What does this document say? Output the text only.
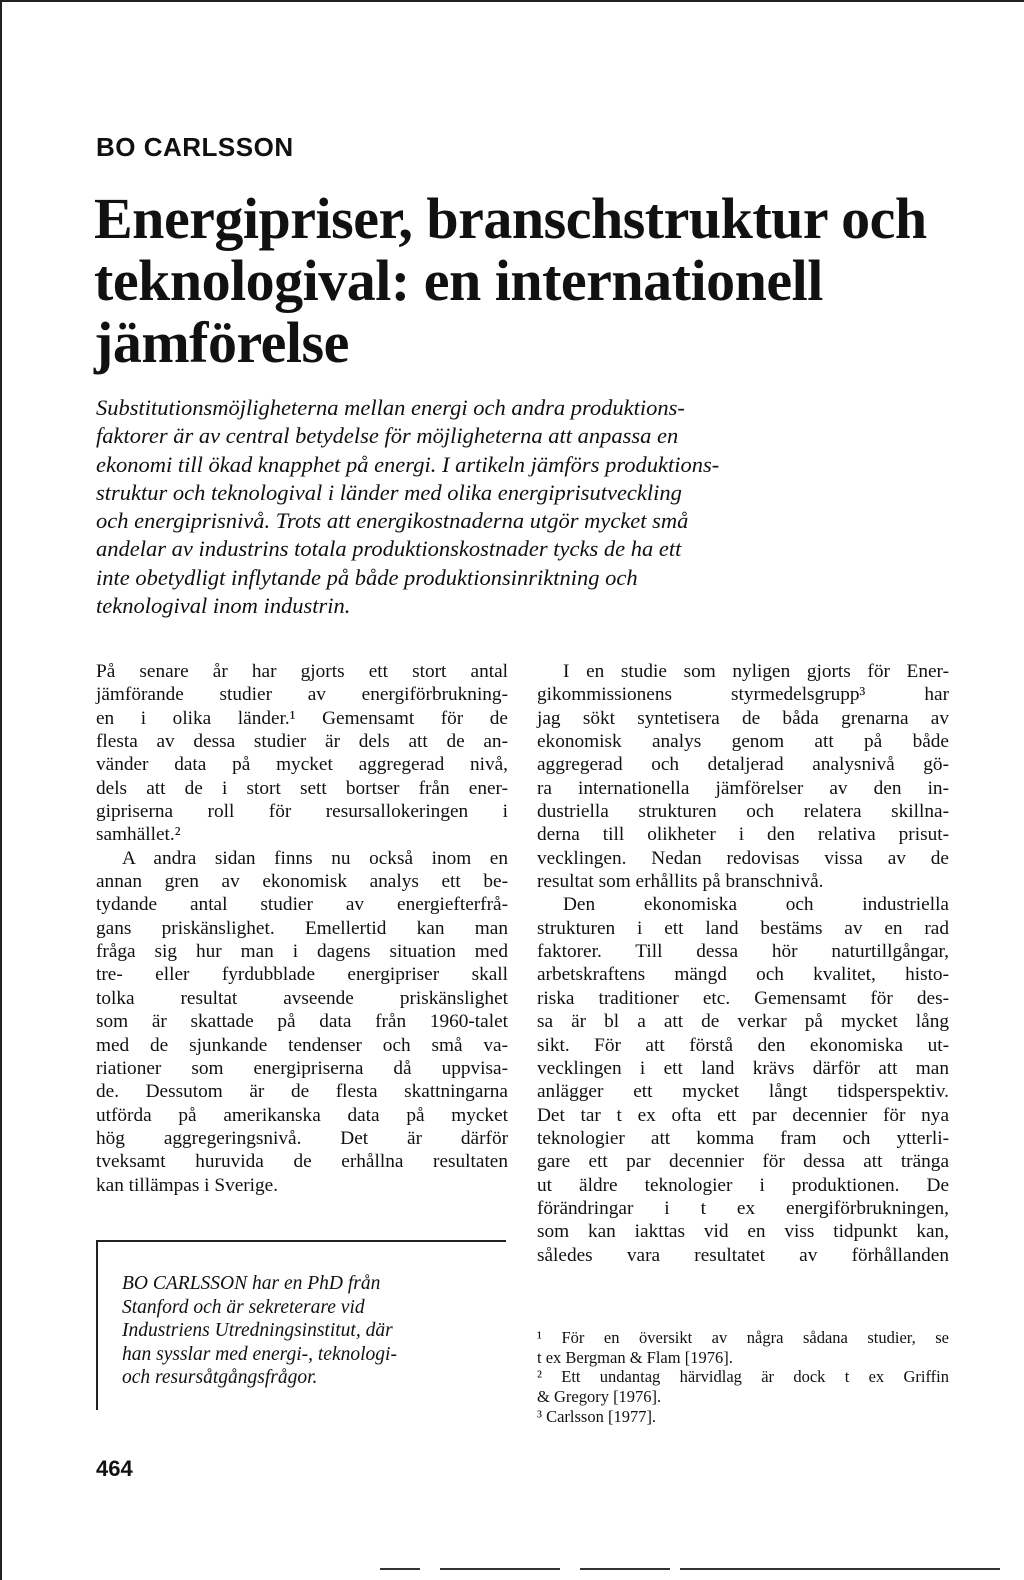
BO CARLSSON
Energipriser, branschstruktur och
teknologival: en internationell
jämförelse
Substitutionsmöjligheterna mellan energi och andra produktions-
faktorer är av central betydelse för möjligheterna att anpassa en
ekonomi till ökad knapphet på energi. I artikeln jämförs produktions-
struktur och teknologival i länder med olika energiprisutveckling
och energiprisnivå. Trots att energikostnaderna utgör mycket små
andelar av industrins totala produktionskostnader tycks de ha ett
inte obetydligt inflytande på både produktionsinriktning och
teknologival inom industrin.

På senare år har gjorts ett stort antal
jämförande studier av energiförbrukning-
en i olika länder.¹ Gemensamt för de
flesta av dessa studier är dels att de an-
vänder data på mycket aggregerad nivå,
dels att de i stort sett bortser från ener-
gipriserna roll för resursallokeringen i
samhället.²

A andra sidan finns nu också inom en
annan gren av ekonomisk analys ett be-
tydande antal studier av energiefterfrå-
gans priskänslighet. Emellertid kan man
fråga sig hur man i dagens situation med
tre- eller fyrdubblade energipriser skall
tolka resultat avseende priskänslighet
som är skattade på data från 1960-talet
med de sjunkande tendenser och små va-
riationer som energipriserna då uppvisa-
de. Dessutom är de flesta skattningarna
utförda på amerikanska data på mycket
hög aggregeringsnivå. Det är därför
tveksamt huruvida de erhållna resultaten
kan tillämpas i Sverige.

BO CARLSSON har en PhD från
Stanford och är sekreterare vid
Industriens Utredningsinstitut, där
han sysslar med energi-, teknologi-
och resursåtgångsfrågor.

I en studie som nyligen gjorts för Ener-
gikommissionens styrmedelsgrupp³ har
jag sökt syntetisera de båda grenarna av
ekonomisk analys genom att på både
aggregerad och detaljerad analysnivå gö-
ra internationella jämförelser av den in-
dustriella strukturen och relatera skillna-
derna till olikheter i den relativa prisut-
vecklingen. Nedan redovisas vissa av de
resultat som erhållits på branschnivå.

Den ekonomiska och industriella
strukturen i ett land bestäms av en rad
faktorer. Till dessa hör naturtillgångar,
arbetskraftens mängd och kvalitet, histo-
riska traditioner etc. Gemensamt för des-
sa är bl a att de verkar på mycket lång
sikt. För att förstå den ekonomiska ut-
vecklingen i ett land krävs därför att man
anlägger ett mycket långt tidsperspektiv.
Det tar t ex ofta ett par decennier för nya
teknologier att komma fram och ytterli-
gare ett par decennier för dessa att tränga
ut äldre teknologier i produktionen. De
förändringar i t ex energiförbrukningen,
som kan iakttas vid en viss tidpunkt kan,
således vara resultatet av förhållanden

¹ För en översikt av några sådana studier, se
t ex Bergman & Flam [1976].
² Ett undantag härvidlag är dock t ex Griffin
& Gregory [1976].
³ Carlsson [1977].
464
